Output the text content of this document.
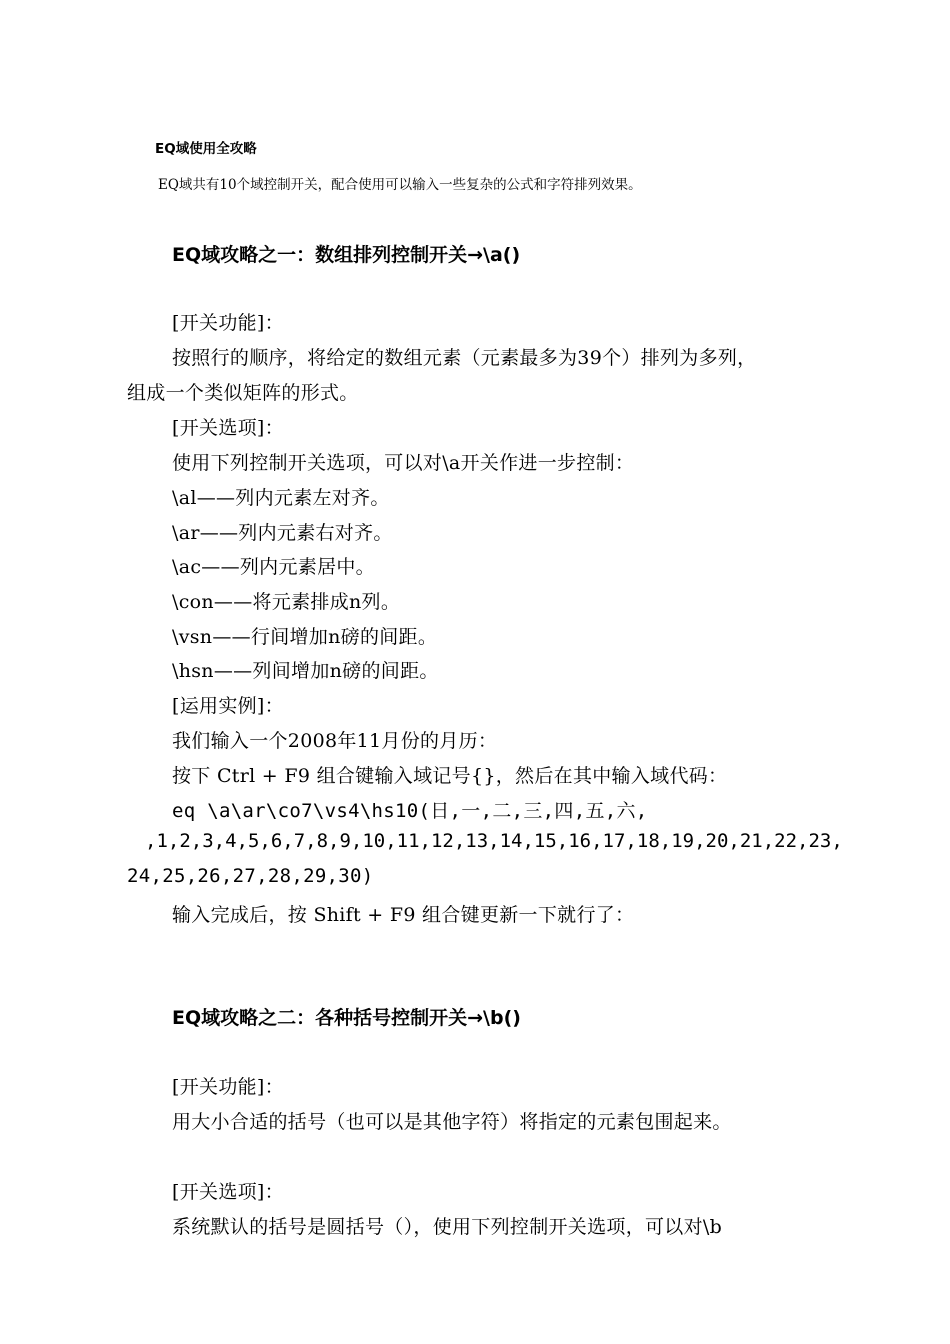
EQ域使用全攻略
EQ域共有10个域控制开关，配合使用可以输入一些复杂的公式和字符排列效果。
EQ域攻略之一：数组排列控制开关→\a()
[开关功能]：
按照行的顺序，将给定的数组元素（元素最多为39个）排列为多列，
组成一个类似矩阵的形式。
[开关选项]：
使用下列控制开关选项，可以对\a开关作进一步控制：
\al——列内元素左对齐。
\ar——列内元素右对齐。
\ac——列内元素居中。
\con——将元素排成n列。
\vsn——行间增加n磅的间距。
\hsn——列间增加n磅的间距。
[运用实例]：
我们输入一个2008年11月份的月历：
按下 Ctrl + F9 组合键输入域记号{}，然后在其中输入域代码：
eq \a\ar\co7\vs4\hs10(日,一,二,三,四,五,六,
,1,2,3,4,5,6,7,8,9,10,11,12,13,14,15,16,17,18,19,20,21,22,23,
24,25,26,27,28,29,30)
输入完成后，按 Shift + F9 组合键更新一下就行了：
EQ域攻略之二：各种括号控制开关→\b()
[开关功能]：
用大小合适的括号（也可以是其他字符）将指定的元素包围起来。
[开关选项]：
系统默认的括号是圆括号（），使用下列控制开关选项，可以对\b
